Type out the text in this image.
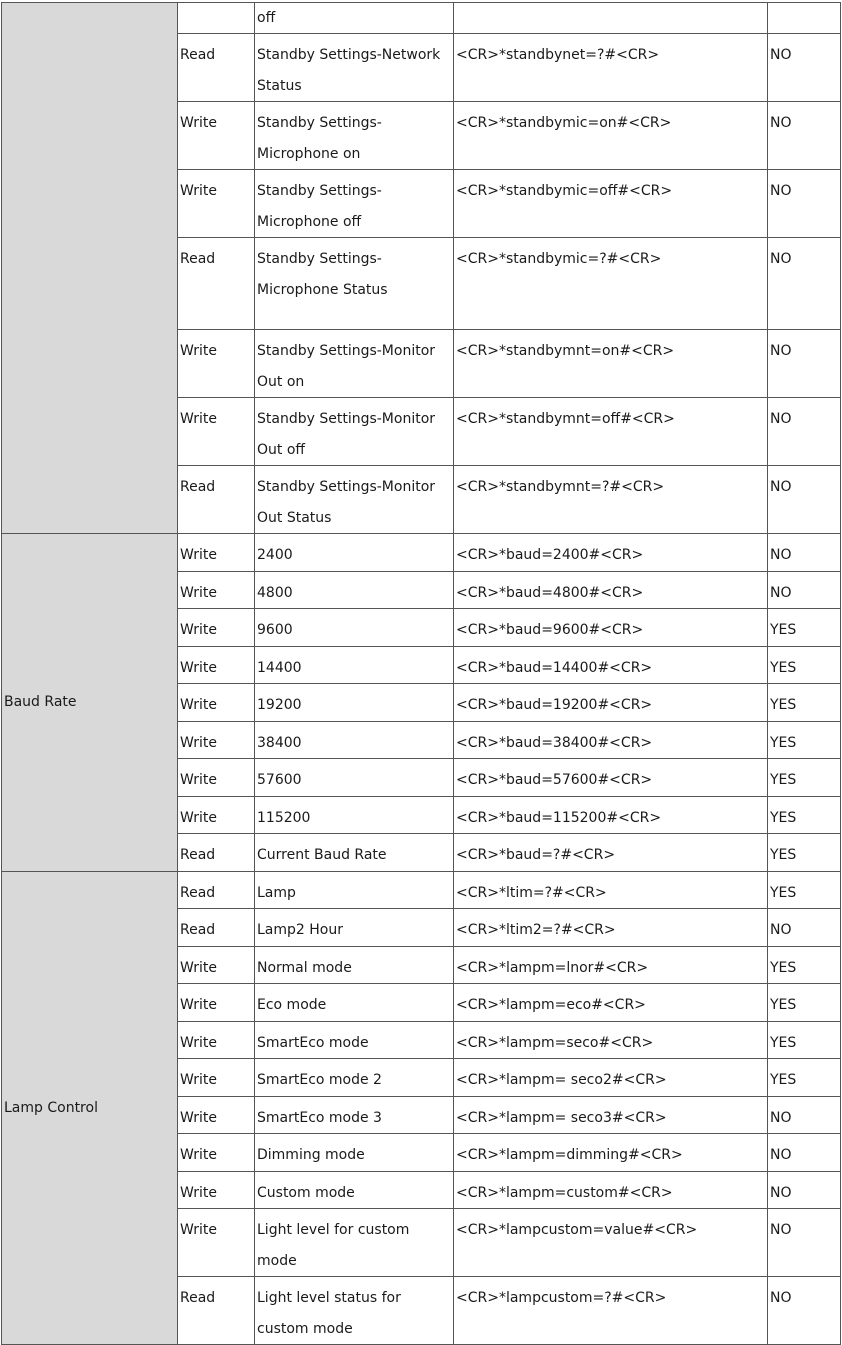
		off		
	Read	Standby Settings-Network Status	<CR>*standbynet=?#<CR>	NO
	Write	Standby Settings-Microphone on	<CR>*standbymic=on#<CR>	NO
	Write	Standby Settings-Microphone off	<CR>*standbymic=off#<CR>	NO
	Read	Standby Settings-Microphone Status	<CR>*standbymic=?#<CR>	NO
	Write	Standby Settings-Monitor Out on	<CR>*standbymnt=on#<CR>	NO
	Write	Standby Settings-Monitor Out off	<CR>*standbymnt=off#<CR>	NO
	Read	Standby Settings-Monitor Out Status	<CR>*standbymnt=?#<CR>	NO
Baud Rate	Write	2400	<CR>*baud=2400#<CR>	NO
	Write	4800	<CR>*baud=4800#<CR>	NO
	Write	9600	<CR>*baud=9600#<CR>	YES
	Write	14400	<CR>*baud=14400#<CR>	YES
	Write	19200	<CR>*baud=19200#<CR>	YES
	Write	38400	<CR>*baud=38400#<CR>	YES
	Write	57600	<CR>*baud=57600#<CR>	YES
	Write	115200	<CR>*baud=115200#<CR>	YES
	Read	Current Baud Rate	<CR>*baud=?#<CR>	YES
Lamp Control	Read	Lamp	<CR>*ltim=?#<CR>	YES
	Read	Lamp2 Hour	<CR>*ltim2=?#<CR>	NO
	Write	Normal mode	<CR>*lampm=lnor#<CR>	YES
	Write	Eco mode	<CR>*lampm=eco#<CR>	YES
	Write	SmartEco mode	<CR>*lampm=seco#<CR>	YES
	Write	SmartEco mode 2	<CR>*lampm= seco2#<CR>	YES
	Write	SmartEco mode 3	<CR>*lampm= seco3#<CR>	NO
	Write	Dimming mode	<CR>*lampm=dimming#<CR>	NO
	Write	Custom mode	<CR>*lampm=custom#<CR>	NO
	Write	Light level for custom mode	<CR>*lampcustom=value#<CR>	NO
	Read	Light level status for custom mode	<CR>*lampcustom=?#<CR>	NO
